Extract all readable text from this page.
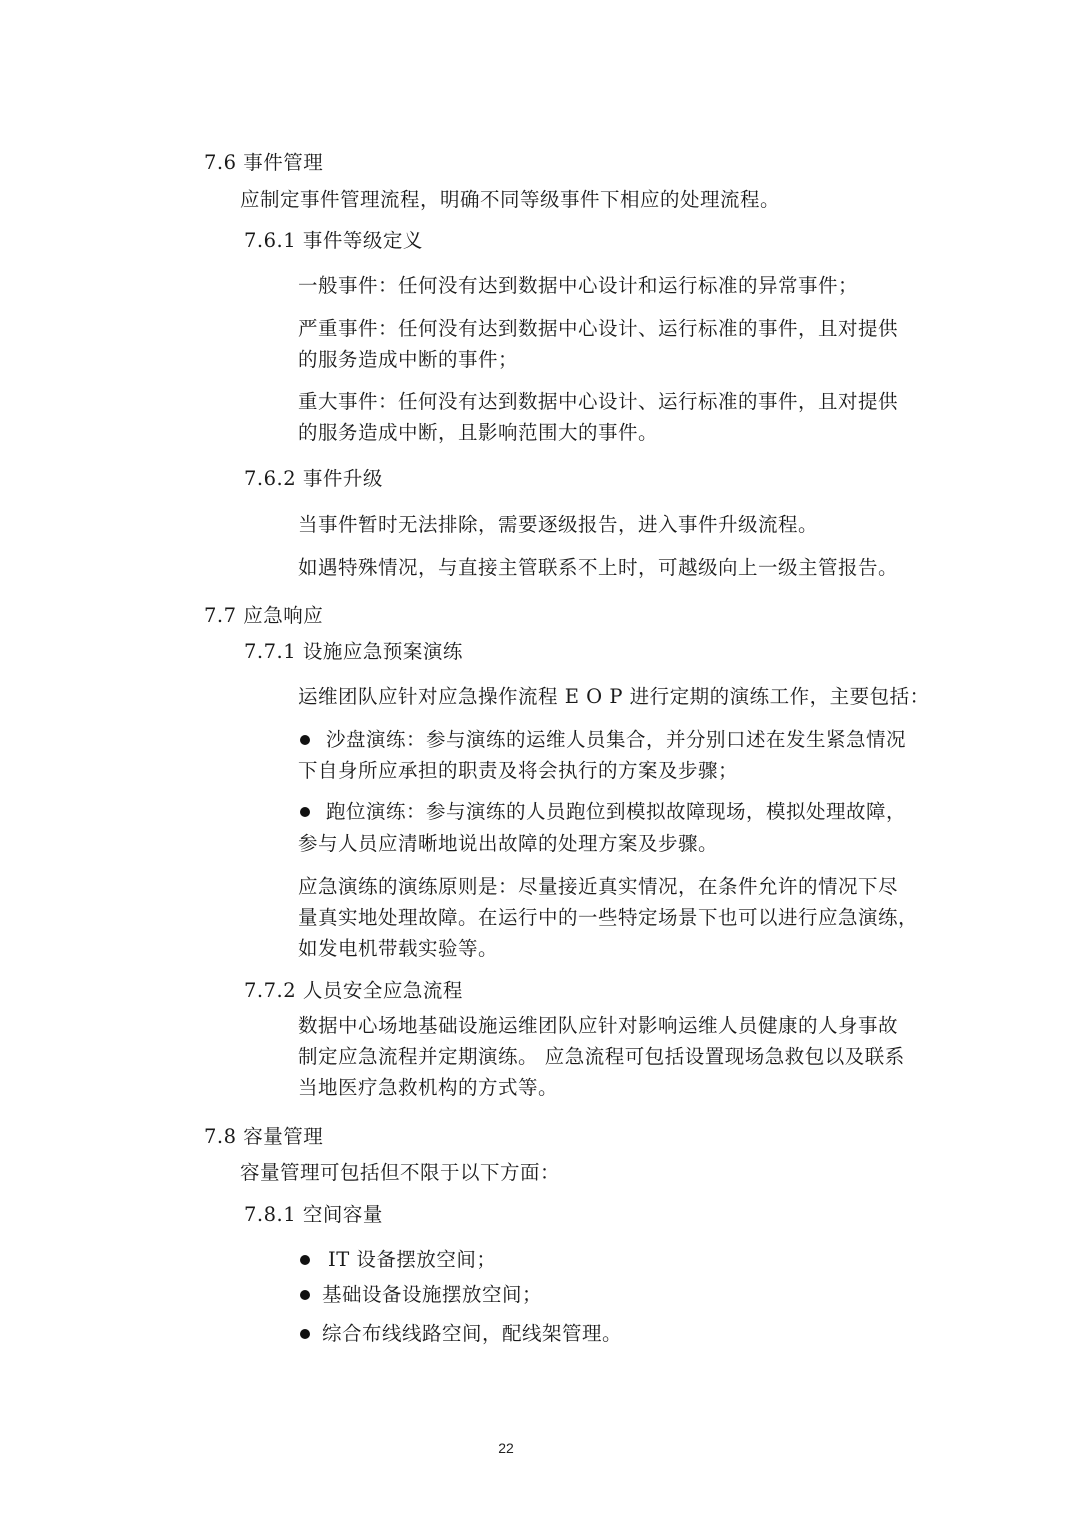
7.6 事件管理
应制定事件管理流程，明确不同等级事件下相应的处理流程。
7.6.1 事件等级定义
一般事件：任何没有达到数据中心设计和运行标准的异常事件；
严重事件：任何没有达到数据中心设计、运行标准的事件，且对提供
的服务造成中断的事件；
重大事件：任何没有达到数据中心设计、运行标准的事件，且对提供
的服务造成中断，且影响范围大的事件。
7.6.2 事件升级
当事件暂时无法排除，需要逐级报告，进入事件升级流程。
如遇特殊情况，与直接主管联系不上时，可越级向上一级主管报告。
7.7 应急响应
7.7.1 设施应急预案演练
运维团队应针对应急操作流程 E O P 进行定期的演练工作，主要包括：
沙盘演练：参与演练的运维人员集合，并分别口述在发生紧急情况
下自身所应承担的职责及将会执行的方案及步骤；
跑位演练：参与演练的人员跑位到模拟故障现场，模拟处理故障，
参与人员应清晰地说出故障的处理方案及步骤。
应急演练的演练原则是：尽量接近真实情况，在条件允许的情况下尽
量真实地处理故障。在运行中的一些特定场景下也可以进行应急演练，
如发电机带载实验等。
7.7.2 人员安全应急流程
数据中心场地基础设施运维团队应针对影响运维人员健康的人身事故
制定应急流程并定期演练。 应急流程可包括设置现场急救包以及联系
当地医疗急救机构的方式等。
7.8 容量管理
容量管理可包括但不限于以下方面：
7.8.1 空间容量
IT 设备摆放空间；
基础设备设施摆放空间；
综合布线线路空间，配线架管理。
22
